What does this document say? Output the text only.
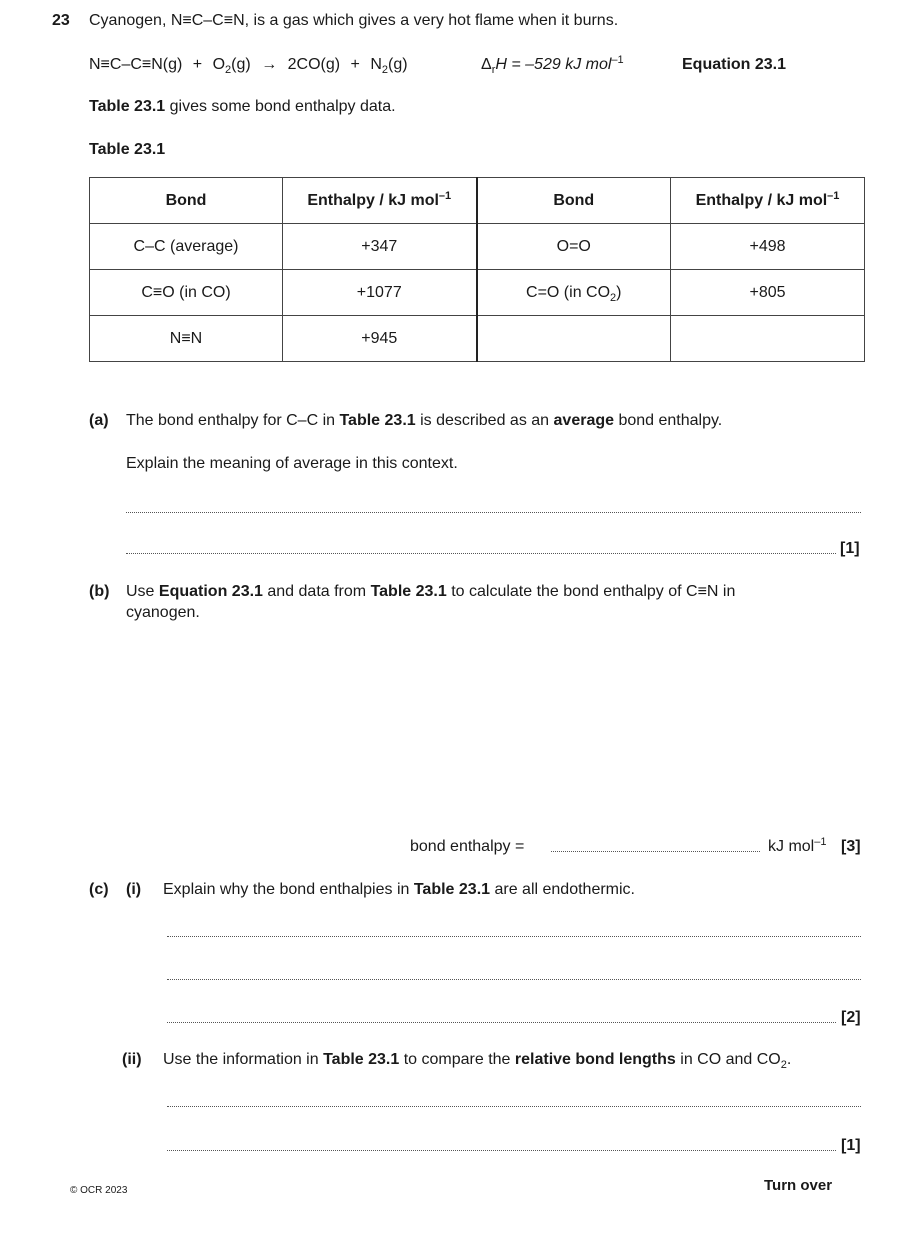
23 Cyanogen, N≡C–C≡N, is a gas which gives a very hot flame when it burns.
$N\equiv C-C\equiv N(g) + O_2(g) \to 2CO(g) + N_2(g)$	$\Delta_rH = -529$ kJ mol$^{-1}$	Equation 23.1
Table 23.1 gives some bond enthalpy data.
Table 23.1
Bond	Enthalpy / kJ mol$^{-1}$	Bond	Enthalpy / kJ mol$^{-1}$
C–C (average)	+347	O=O	+498
C≡O (in CO)	+1077	C=O (in $CO_2$)	+805
N≡N	+945		
(a) The bond enthalpy for C–C in Table 23.1 is described as an average bond enthalpy.
Explain the meaning of average in this context.
[1]
(b) Use Equation 23.1 and data from Table 23.1 to calculate the bond enthalpy of C≡N in
cyanogen.
bond enthalpy =	kJ mol$^{-1}$ [3]
(c) (i) Explain why the bond enthalpies in Table 23.1 are all endothermic.
[2]
(ii) Use the information in Table 23.1 to compare the relative bond lengths in CO and $CO_2$.
[1]
© OCR 2023	Turn over
